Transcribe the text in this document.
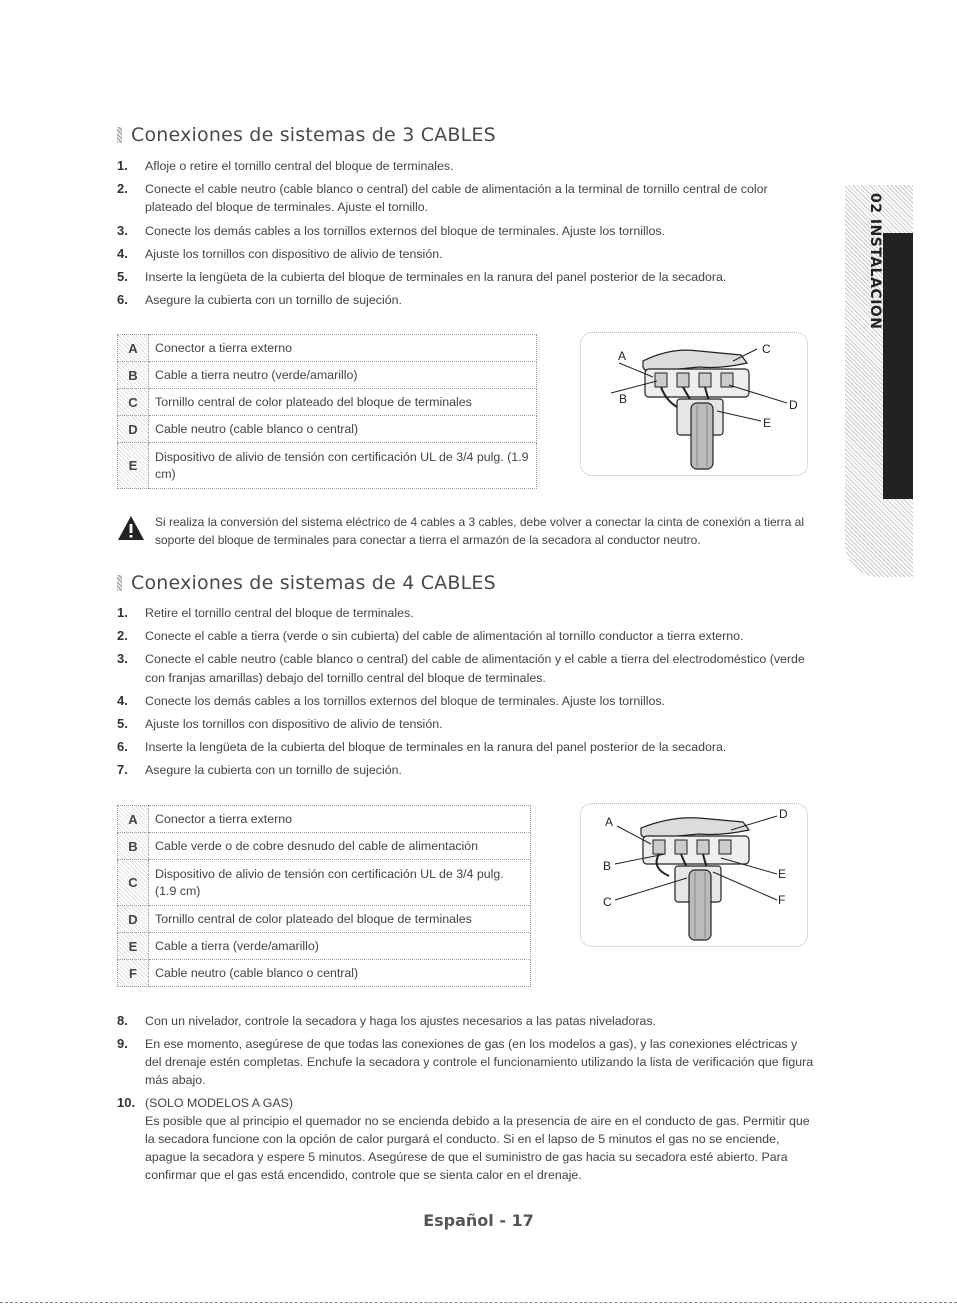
02 INSTALACIÓN
Conexiones de sistemas de 3 CABLES
1. Afloje o retire el tornillo central del bloque de terminales.
2. Conecte el cable neutro (cable blanco o central) del cable de alimentación a la terminal de tornillo central de color plateado del bloque de terminales. Ajuste el tornillo.
3. Conecte los demás cables a los tornillos externos del bloque de terminales. Ajuste los tornillos.
4. Ajuste los tornillos con dispositivo de alivio de tensión.
5. Inserte la lengüeta de la cubierta del bloque de terminales en la ranura del panel posterior de la secadora.
6. Asegure la cubierta con un tornillo de sujeción.
A	Conector a tierra externo
B	Cable a tierra neutro (verde/amarillo)
C	Tornillo central de color plateado del bloque de terminales
D	Cable neutro (cable blanco o central)
E	Dispositivo de alivio de tensión con certificación UL de 3/4 pulg. (1.9 cm)
A
B
C
D
E
Si realiza la conversión del sistema eléctrico de 4 cables a 3 cables, debe volver a conectar la cinta de conexión a tierra al soporte del bloque de terminales para conectar a tierra el armazón de la secadora al conductor neutro.
Conexiones de sistemas de 4 CABLES
1. Retire el tornillo central del bloque de terminales.
2. Conecte el cable a tierra (verde o sin cubierta) del cable de alimentación al tornillo conductor a tierra externo.
3. Conecte el cable neutro (cable blanco o central) del cable de alimentación y el cable a tierra del electrodoméstico (verde con franjas amarillas) debajo del tornillo central del bloque de terminales.
4. Conecte los demás cables a los tornillos externos del bloque de terminales. Ajuste los tornillos.
5. Ajuste los tornillos con dispositivo de alivio de tensión.
6. Inserte la lengüeta de la cubierta del bloque de terminales en la ranura del panel posterior de la secadora.
7. Asegure la cubierta con un tornillo de sujeción.
A	Conector a tierra externo
B	Cable verde o de cobre desnudo del cable de alimentación
C	Dispositivo de alivio de tensión con certificación UL de 3/4 pulg. (1.9 cm)
D	Tornillo central de color plateado del bloque de terminales
E	Cable a tierra (verde/amarillo)
F	Cable neutro (cable blanco o central)
A
B
C
D
E
F
8. Con un nivelador, controle la secadora y haga los ajustes necesarios a las patas niveladoras.
9. En ese momento, asegúrese de que todas las conexiones de gas (en los modelos a gas), y las conexiones eléctricas y del drenaje estén completas. Enchufe la secadora y controle el funcionamiento utilizando la lista de verificación que figura más abajo.
10. (SOLO MODELOS A GAS)
Es posible que al principio el quemador no se encienda debido a la presencia de aire en el conducto de gas. Permitir que la secadora funcione con la opción de calor purgará el conducto. Si en el lapso de 5 minutos el gas no se enciende, apague la secadora y espere 5 minutos. Asegúrese de que el suministro de gas hacia su secadora esté abierto. Para confirmar que el gas está encendido, controle que se sienta calor en el drenaje.
Español - 17
